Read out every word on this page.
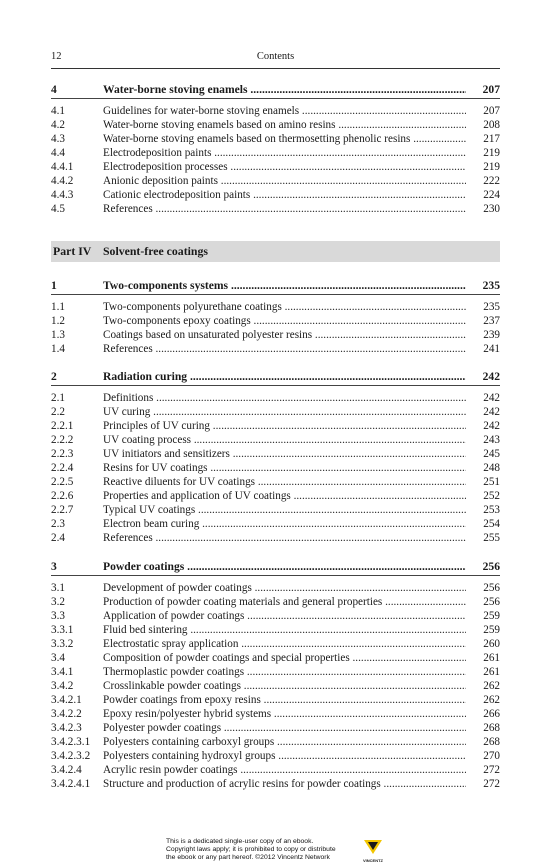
12	Contents
4	Water-borne stoving enamels .....	207
4.1	Guidelines for water-borne stoving enamels .....	207
4.2	Water-borne stoving enamels based on amino resins .....	208
4.3	Water-borne stoving enamels based on thermosetting phenolic resins .....	217
4.4	Electrodeposition paints .....	219
4.4.1	Electrodeposition processes .....	219
4.4.2	Anionic deposition paints .....	222
4.4.3	Cationic electrodeposition paints .....	224
4.5	References .....	230
Part IV Solvent-free coatings
1	Two-components systems .....	235
1.1	Two-components polyurethane coatings .....	235
1.2	Two-components epoxy coatings .....	237
1.3	Coatings based on unsaturated polyester resins .....	239
1.4	References .....	241
2	Radiation curing .....	242
2.1	Definitions .....	242
2.2	UV curing .....	242
2.2.1	Principles of UV curing .....	242
2.2.2	UV coating process .....	243
2.2.3	UV initiators and sensitizers .....	245
2.2.4	Resins for UV coatings .....	248
2.2.5	Reactive diluents for UV coatings .....	251
2.2.6	Properties and application of UV coatings .....	252
2.2.7	Typical UV coatings .....	253
2.3	Electron beam curing .....	254
2.4	References .....	255
3	Powder coatings .....	256
3.1	Development of powder coatings .....	256
3.2	Production of powder coating materials and general properties .....	256
3.3	Application of powder coatings .....	259
3.3.1	Fluid bed sintering .....	259
3.3.2	Electrostatic spray application .....	260
3.4	Composition of powder coatings and special properties .....	261
3.4.1	Thermoplastic powder coatings .....	261
3.4.2	Crosslinkable powder coatings .....	262
3.4.2.1 Powder coatings from epoxy resins .....	262
3.4.2.2 Epoxy resin/polyester hybrid systems .....	266
3.4.2.3 Polyester powder coatings .....	268
3.4.2.3.1 Polyesters containing carboxyl groups .....	268
3.4.2.3.2 Polyesters containing hydroxyl groups .....	270
3.4.2.4 Acrylic resin powder coatings .....	272
3.4.2.4.1 Structure and production of acrylic resins for powder coatings .....	272
This is a dedicated single-user copy of an ebook.
Copyright laws apply; it is prohibited to copy or distribute
the ebook or any part hereof. ©2012 Vincentz Network	VINCENTZ
